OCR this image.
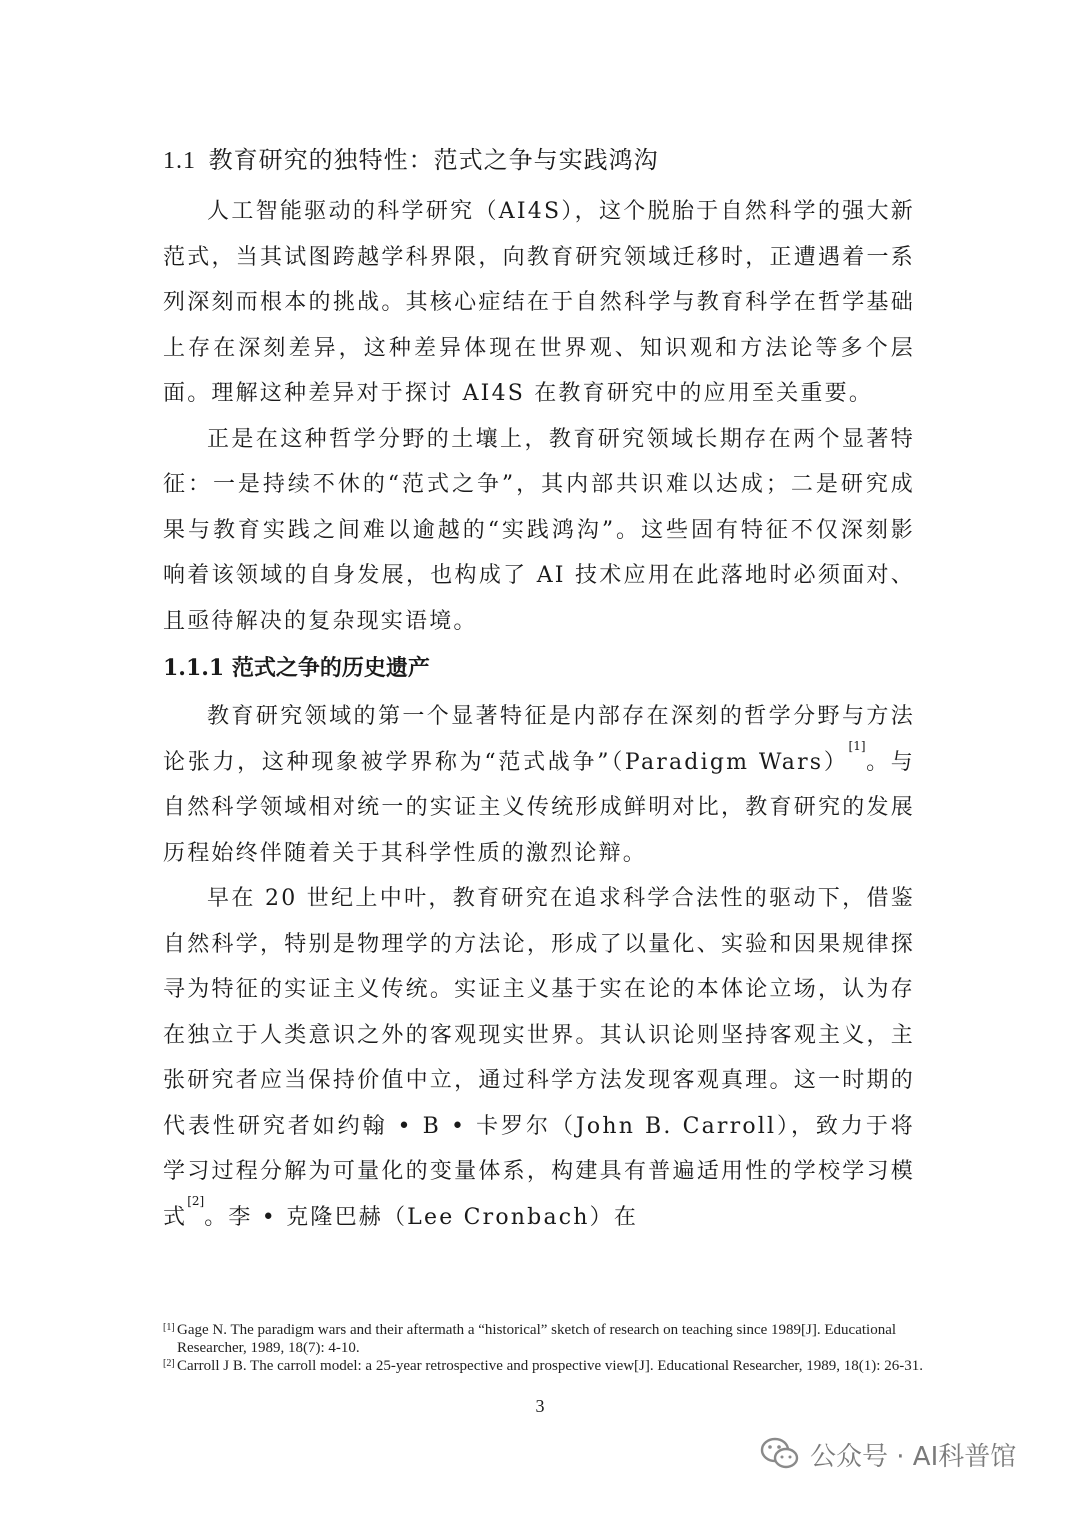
1.1 教育研究的独特性：范式之争与实践鸿沟

人工智能驱动的科学研究（AI4S），这个脱胎于自然科学的强大新范式，当其试图跨越学科界限，向教育研究领域迁移时，正遭遇着一系列深刻而根本的挑战。其核心症结在于自然科学与教育科学在哲学基础上存在深刻差异，这种差异体现在世界观、知识观和方法论等多个层面。理解这种差异对于探讨 AI4S 在教育研究中的应用至关重要。

正是在这种哲学分野的土壤上，教育研究领域长期存在两个显著特征：一是持续不休的“范式之争”，其内部共识难以达成；二是研究成果与教育实践之间难以逾越的“实践鸿沟”。这些固有特征不仅深刻影响着该领域的自身发展，也构成了 AI 技术应用在此落地时必须面对、且亟待解决的复杂现实语境。

1.1.1 范式之争的历史遗产

教育研究领域的第一个显著特征是内部存在深刻的哲学分野与方法论张力，这种现象被学界称为“范式战争”（Paradigm Wars）[1]。与自然科学领域相对统一的实证主义传统形成鲜明对比，教育研究的发展历程始终伴随着关于其科学性质的激烈论辩。

早在 20 世纪上中叶，教育研究在追求科学合法性的驱动下，借鉴自然科学，特别是物理学的方法论，形成了以量化、实验和因果规律探寻为特征的实证主义传统。实证主义基于实在论的本体论立场，认为存在独立于人类意识之外的客观现实世界。其认识论则坚持客观主义，主张研究者应当保持价值中立，通过科学方法发现客观真理。这一时期的代表性研究者如约翰 • B • 卡罗尔（John B. Carroll），致力于将学习过程分解为可量化的变量体系，构建具有普遍适用性的学校学习模式[2]。李 • 克隆巴赫（Lee Cronbach）在

[1] Gage N. The paradigm wars and their aftermath a “historical” sketch of research on teaching since 1989[J]. Educational Researcher, 1989, 18(7): 4-10.

[2] Carroll J B. The carroll model: a 25-year retrospective and prospective view[J]. Educational Researcher, 1989, 18(1): 26-31.

3
公众号 · AI科普馆
